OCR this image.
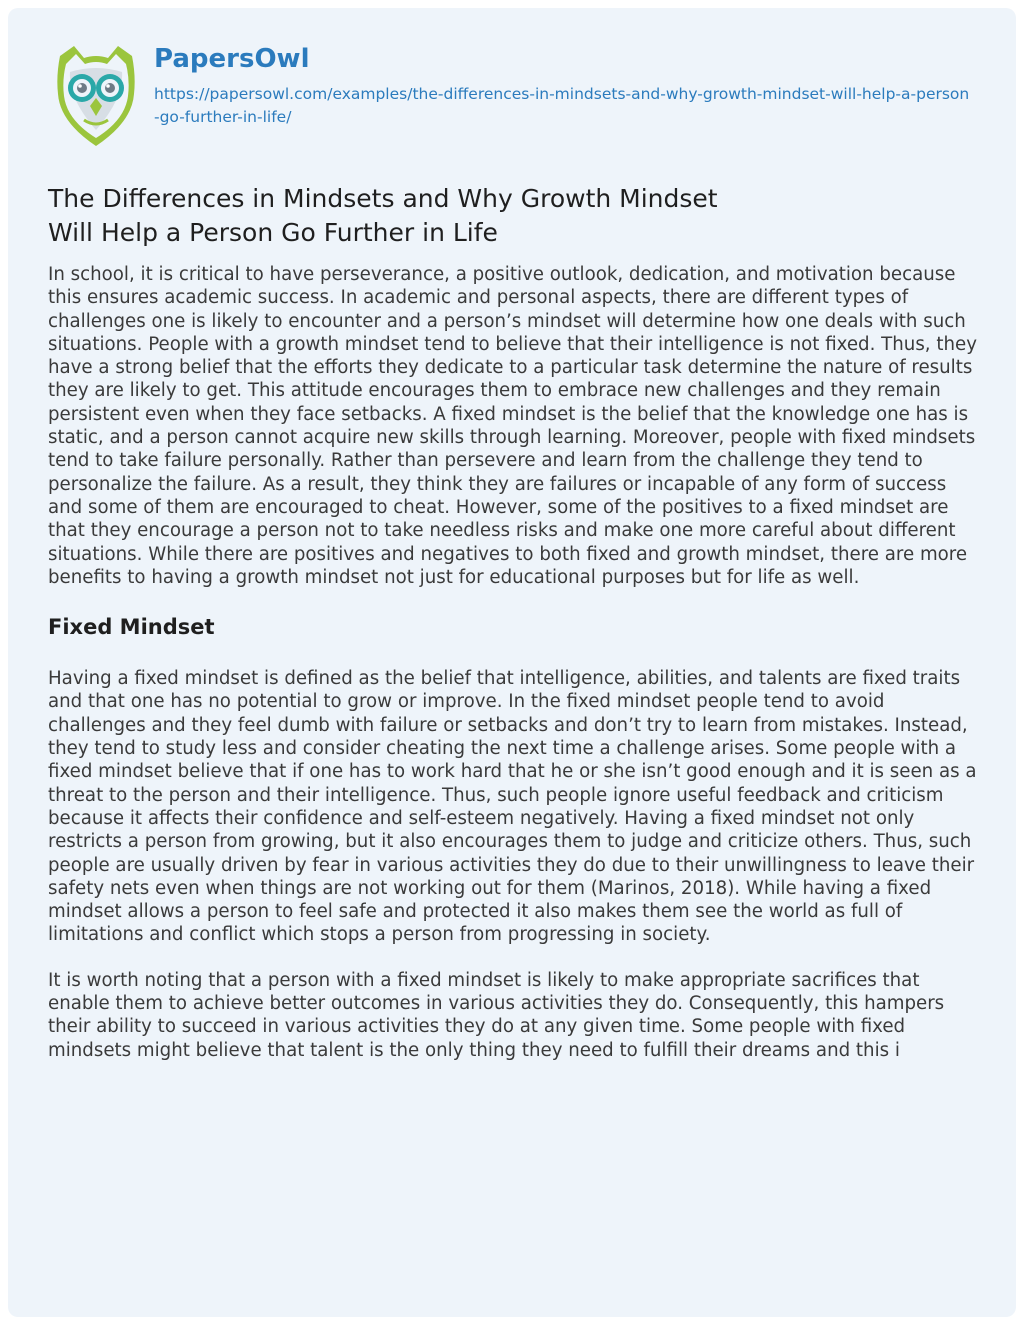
PapersOwl
https://papersowl.com/examples/the-differences-in-mindsets-and-why-growth-mindset-will-help-a-person-go-further-in-life/
The Differences in Mindsets and Why Growth Mindset Will Help a Person Go Further in Life

In school, it is critical to have perseverance, a positive outlook, dedication, and motivation because this ensures academic success. In academic and personal aspects, there are different types of challenges one is likely to encounter and a person’s mindset will determine how one deals with such situations. People with a growth mindset tend to believe that their intelligence is not fixed. Thus, they have a strong belief that the efforts they dedicate to a particular task determine the nature of results they are likely to get. This attitude encourages them to embrace new challenges and they remain persistent even when they face setbacks. A fixed mindset is the belief that the knowledge one has is static, and a person cannot acquire new skills through learning. Moreover, people with fixed mindsets tend to take failure personally. Rather than persevere and learn from the challenge they tend to personalize the failure. As a result, they think they are failures or incapable of any form of success and some of them are encouraged to cheat. However, some of the positives to a fixed mindset are that they encourage a person not to take needless risks and make one more careful about different situations. While there are positives and negatives to both fixed and growth mindset, there are more benefits to having a growth mindset not just for educational purposes but for life as well.

Fixed Mindset

Having a fixed mindset is defined as the belief that intelligence, abilities, and talents are fixed traits and that one has no potential to grow or improve. In the fixed mindset people tend to avoid challenges and they feel dumb with failure or setbacks and don’t try to learn from mistakes. Instead, they tend to study less and consider cheating the next time a challenge arises. Some people with a fixed mindset believe that if one has to work hard that he or she isn’t good enough and it is seen as a threat to the person and their intelligence. Thus, such people ignore useful feedback and criticism because it affects their confidence and self-esteem negatively. Having a fixed mindset not only restricts a person from growing, but it also encourages them to judge and criticize others. Thus, such people are usually driven by fear in various activities they do due to their unwillingness to leave their safety nets even when things are not working out for them (Marinos, 2018). While having a fixed mindset allows a person to feel safe and protected it also makes them see the world as full of limitations and conflict which stops a person from progressing in society.

It is worth noting that a person with a fixed mindset is likely to make appropriate sacrifices that enable them to achieve better outcomes in various activities they do. Consequently, this hampers their ability to succeed in various activities they do at any given time. Some people with fixed mindsets might believe that talent is the only thing they need to fulfill their dreams and this i
